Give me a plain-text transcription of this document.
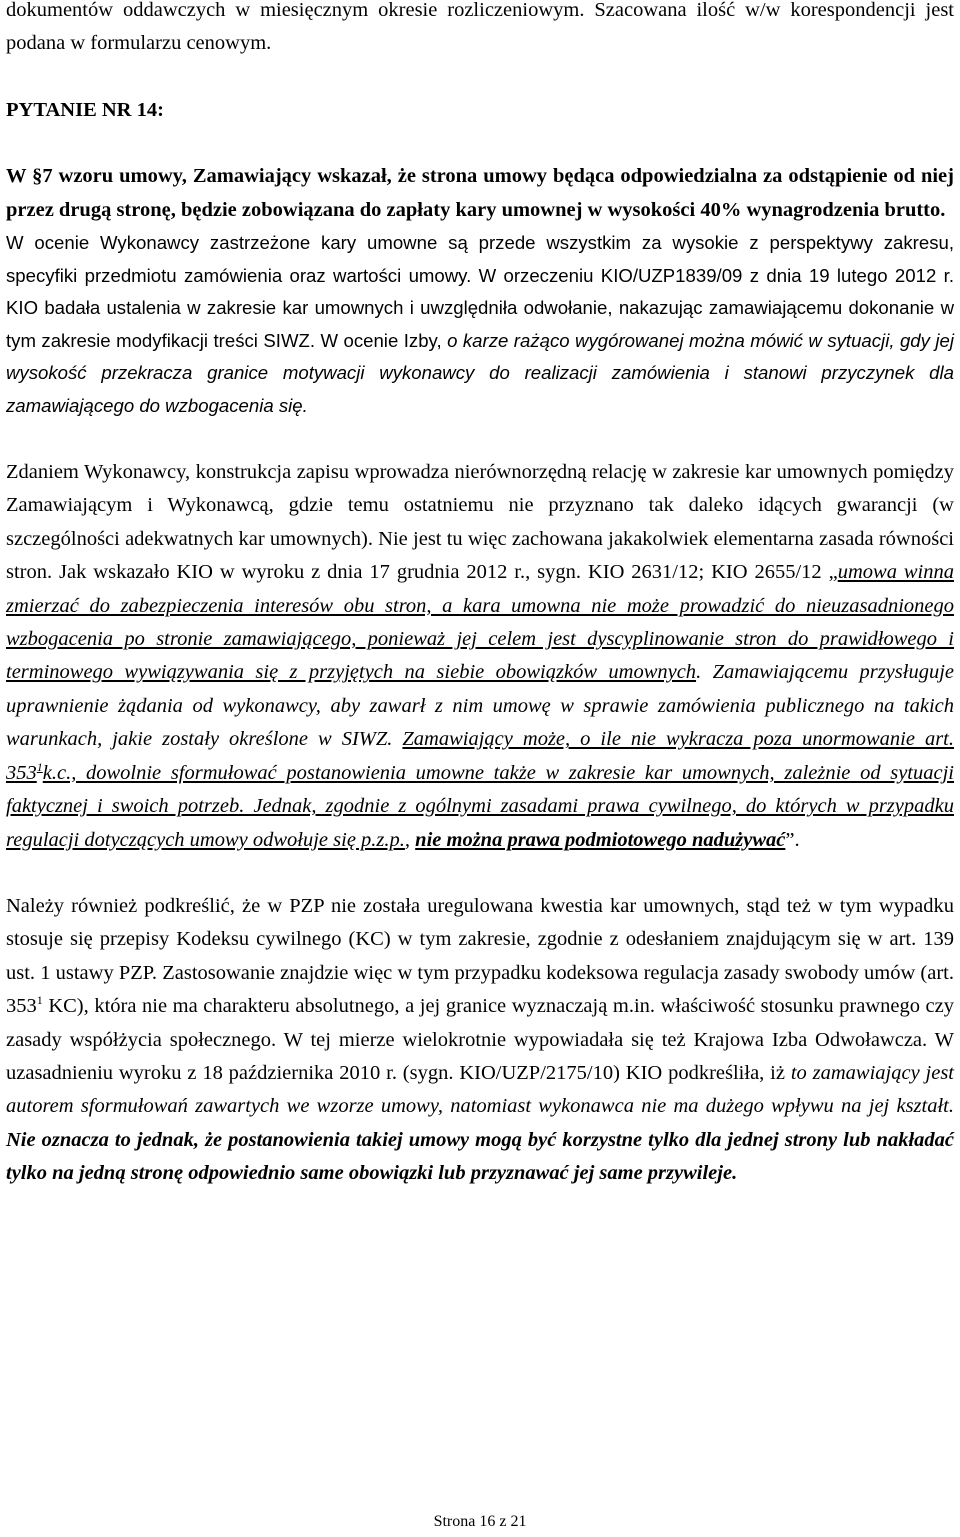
dokumentów oddawczych w miesięcznym okresie rozliczeniowym. Szacowana ilość w/w korespondencji jest podana w formularzu cenowym.

PYTANIE NR 14:

W §7 wzoru umowy, Zamawiający wskazał, że strona umowy będąca odpowiedzialna za odstąpienie od niej przez drugą stronę, będzie zobowiązana do zapłaty kary umownej w wysokości 40% wynagrodzenia brutto.

W ocenie Wykonawcy zastrzeżone kary umowne są przede wszystkim za wysokie z perspektywy zakresu, specyfiki przedmiotu zamówienia oraz wartości umowy. W orzeczeniu KIO/UZP1839/09 z dnia 19 lutego 2012 r. KIO badała ustalenia w zakresie kar umownych i uwzględniła odwołanie, nakazując zamawiającemu dokonanie w tym zakresie modyfikacji treści SIWZ. W ocenie Izby, o karze rażąco wygórowanej można mówić w sytuacji, gdy jej wysokość przekracza granice motywacji wykonawcy do realizacji zamówienia i stanowi przyczynek dla zamawiającego do wzbogacenia się.

Zdaniem Wykonawcy, konstrukcja zapisu wprowadza nierównorzędną relację w zakresie kar umownych pomiędzy Zamawiającym i Wykonawcą, gdzie temu ostatniemu nie przyznano tak daleko idących gwarancji (w szczególności adekwatnych kar umownych). Nie jest tu więc zachowana jakakolwiek elementarna zasada równości stron. Jak wskazało KIO w wyroku z dnia 17 grudnia 2012 r., sygn. KIO 2631/12; KIO 2655/12 „umowa winna zmierzać do zabezpieczenia interesów obu stron, a kara umowna nie może prowadzić do nieuzasadnionego wzbogacenia po stronie zamawiającego, ponieważ jej celem jest dyscyplinowanie stron do prawidłowego i terminowego wywiązywania się z przyjętych na siebie obowiązków umownych. Zamawiającemu przysługuje uprawnienie żądania od wykonawcy, aby zawarł z nim umowę w sprawie zamówienia publicznego na takich warunkach, jakie zostały określone w SIWZ. Zamawiający może, o ile nie wykracza poza unormowanie art. $353^1k.c$., dowolnie sformułować postanowienia umowne także w zakresie kar umownych, zależnie od sytuacji faktycznej i swoich potrzeb. Jednak, zgodnie z ogólnymi zasadami prawa cywilnego, do których w przypadku regulacji dotyczących umowy odwołuje się p.z.p., nie można prawa podmiotowego nadużywać”.

Należy również podkreślić, że w PZP nie została uregulowana kwestia kar umownych, stąd też w tym wypadku stosuje się przepisy Kodeksu cywilnego (KC) w tym zakresie, zgodnie z odesłaniem znajdującym się w art. 139 ust. 1 ustawy PZP. Zastosowanie znajdzie więc w tym przypadku kodeksowa regulacja zasady swobody umów (art. $353^1$ KC), która nie ma charakteru absolutnego, a jej granice wyznaczają m.in. właściwość stosunku prawnego czy zasady współżycia społecznego. W tej mierze wielokrotnie wypowiadała się też Krajowa Izba Odwoławcza. W uzasadnieniu wyroku z 18 października 2010 r. (sygn. KIO/UZP/2175/10) KIO podkreśliła, iż to zamawiający jest autorem sformułowań zawartych we wzorze umowy, natomiast wykonawca nie ma dużego wpływu na jej kształt. Nie oznacza to jednak, że postanowienia takiej umowy mogą być korzystne tylko dla jednej strony lub nakładać tylko na jedną stronę odpowiednio same obowiązki lub przyznawać jej same przywileje.

Strona 16 z 21
